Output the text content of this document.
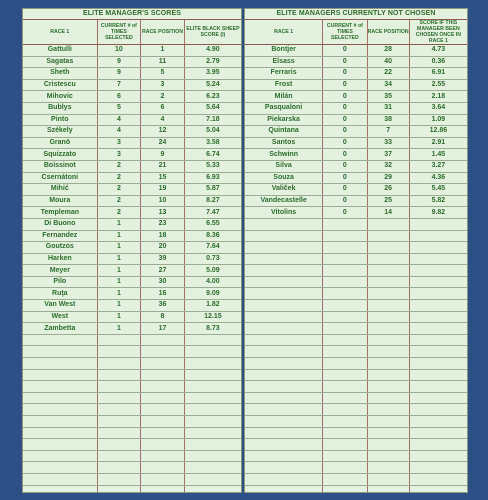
ELITE MANAGER'S SCORES
RACE 1	CURRENT # of TIMES SELECTED	RACE POSITION	ELITE BLACK SHEEP SCORE (I)
Gattulli	10	1	4.90
Sagatas	9	11	2.79
Sheth	9	5	3.95
Cristescu	7	3	5.24
Mihovic	6	2	6.23
Bublys	5	6	5.64
Pinto	4	4	7.18
Székely	4	12	5.04
Granö	3	24	3.58
Squizzato	3	9	6.74
Boissinot	2	21	5.33
Csernátoni	2	15	6.93
Mihić	2	19	5.87
Moura	2	10	8.27
Templeman	2	13	7.47
Di Buono	1	23	6.55
Fernandez	1	18	8.36
Goutzos	1	20	7.64
Harken	1	39	0.73
Meyer	1	27	5.09
Pilo	1	30	4.00
Ruţa	1	16	9.09
Van West	1	36	1.82
West	1	8	12.15
Zambetta	1	17	8.73

ELITE MANAGERS CURRENTLY NOT CHOSEN
RACE 1	CURRENT # of TIMES SELECTED	RACE POSITION	SCORE IF THIS MANAGER BEEN CHOSEN ONCE IN RACE 1
Bontjer	0	28	4.73
Elsass	0	40	0.36
Ferraris	0	22	6.91
Frost	0	34	2.55
Milán	0	35	2.18
Pasqualoni	0	31	3.64
Piekarska	0	38	1.09
Quintana	0	7	12.86
Santos	0	33	2.91
Schwinn	0	37	1.45
Silva	0	32	3.27
Souza	0	29	4.36
Valiček	0	26	5.45
Vandecastelle	0	25	5.82
Vitolins	0	14	9.82
